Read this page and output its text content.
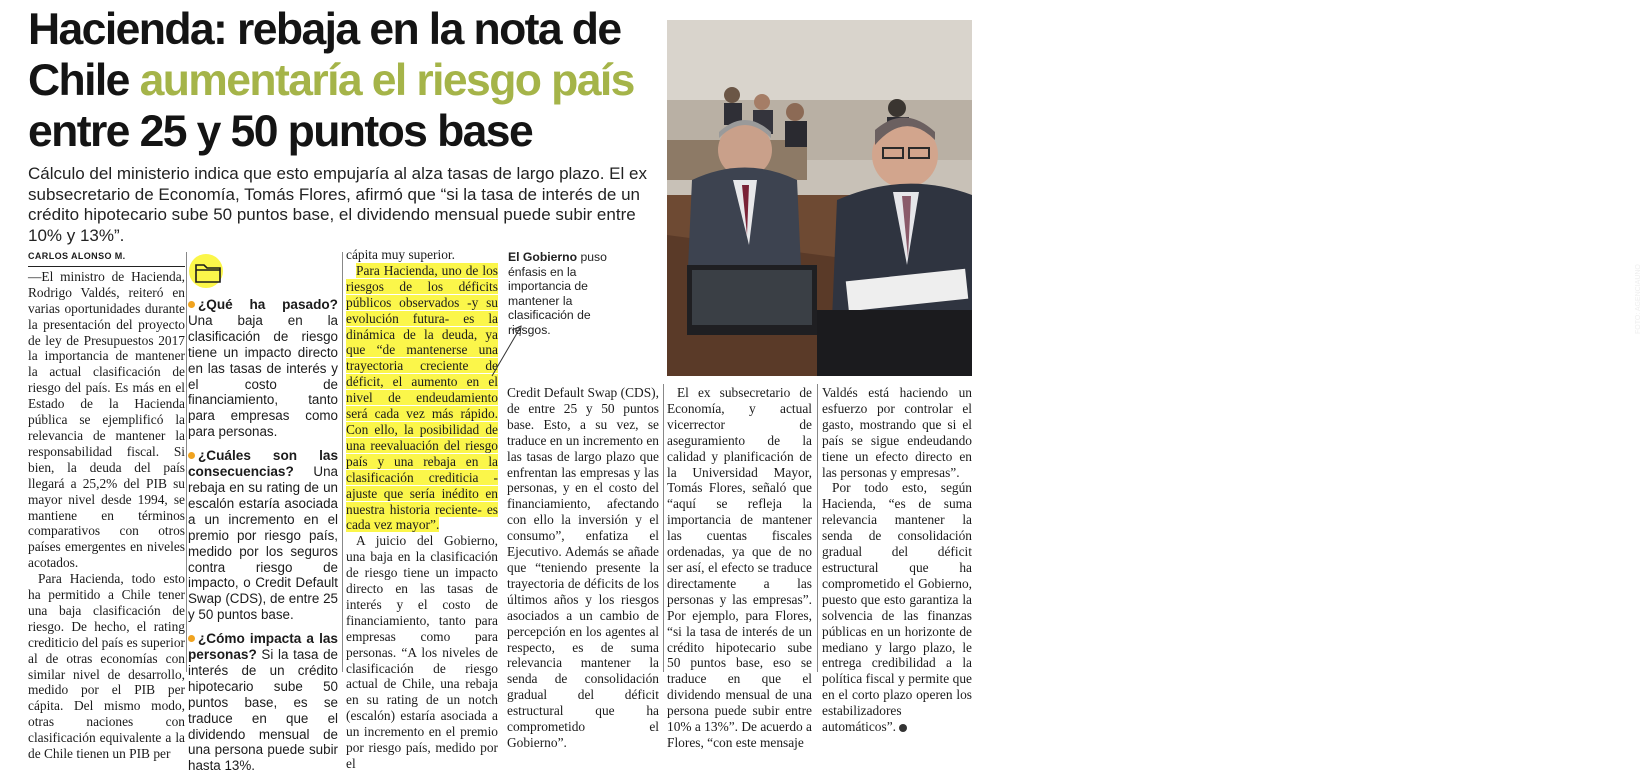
Hacienda: rebaja en la nota de Chile aumentaría el riesgo país entre 25 y 50 puntos base
Cálculo del ministerio indica que esto empujaría al alza tasas de largo plazo. El ex subsecretario de Economía, Tomás Flores, afirmó que “si la tasa de interés de un crédito hipotecario sube 50 puntos base, el dividendo mensual puede subir entre 10% y 13%”.
FOTO: AGENCIAUNO
CARLOS ALONSO M.

—El ministro de Hacienda, Rodrigo Valdés, reiteró en varias oportunidades durante la presentación del proyecto de ley de Presupuestos 2017 la importancia de mantener la actual clasificación de riesgo del país. Es más en el Estado de la Hacienda pública se ejemplificó la relevancia de mantener la responsabilidad fiscal. Si bien, la deuda del país llegará a 25,2% del PIB su mayor nivel desde 1994, se mantiene en términos comparativos con otros países emergentes en niveles acotados.

Para Hacienda, todo esto ha permitido a Chile tener una baja clasificación de riesgo. De hecho, el rating crediticio del país es superior al de otras economías con similar nivel de desarrollo, medido por el PIB per cápita. Del mismo modo, otras naciones con clasificación equivalente a la de Chile tienen un PIB per

¿Qué ha pasado? Una baja en la clasificación de riesgo tiene un impacto directo en las tasas de interés y el costo de financiamiento, tanto para empresas como para personas.
¿Cuáles son las consecuencias? Una rebaja en su rating de un escalón estaría asociada a un incremento en el premio por riesgo país, medido por los seguros contra riesgo de impacto, o Credit Default Swap (CDS), de entre 25 y 50 puntos base.
¿Cómo impacta a las personas? Si la tasa de interés de un crédito hipotecario sube 50 puntos base, es se traduce en que el dividendo mensual de una persona puede subir hasta 13%.

cápita muy superior.

Para Hacienda, uno de los riesgos de los déficits públicos observados -y su evolución futura- es la dinámica de la deuda, ya que “de mantenerse una trayectoria creciente de déficit, el aumento en el nivel de endeudamiento será cada vez más rápido. Con ello, la posibilidad de una reevaluación del riesgo país y una rebaja en la clasificación crediticia -ajuste que sería inédito en nuestra historia reciente- es cada vez mayor”.

A juicio del Gobierno, una baja en la clasificación de riesgo tiene un impacto directo en las tasas de interés y el costo de financiamiento, tanto para empresas como para personas. “A los niveles de clasificación de riesgo actual de Chile, una rebaja en su rating de un notch (escalón) estaría asociada a un incremento en el premio por riesgo país, medido por el

El Gobierno puso énfasis en la importancia de mantener la clasificación de riesgos.

Credit Default Swap (CDS), de entre 25 y 50 puntos base. Esto, a su vez, se traduce en un incremento en las tasas de largo plazo que enfrentan las empresas y las personas, y en el costo del financiamiento, afectando con ello la inversión y el consumo”, enfatiza el Ejecutivo. Además se añade que “teniendo presente la trayectoria de déficits de los últimos años y los riesgos asociados a un cambio de percepción en los agentes al respecto, es de suma relevancia mantener la senda de consolidación gradual del déficit estructural que ha comprometido el Gobierno”.

El ex subsecretario de Economía, y actual vicerrector de aseguramiento de la calidad y planificación de la Universidad Mayor, Tomás Flores, señaló que “aquí se refleja la importancia de mantener las cuentas fiscales ordenadas, ya que de no ser así, el efecto se traduce directamente a las personas y las empresas”. Por ejemplo, para Flores, “si la tasa de interés de un crédito hipotecario sube 50 puntos base, eso se traduce en que el dividendo mensual de una persona puede subir entre 10% a 13%”. De acuerdo a Flores, “con este mensaje

Valdés está haciendo un esfuerzo por controlar el gasto, mostrando que si el país se sigue endeudando tiene un efecto directo en las personas y empresas”.

Por todo esto, según Hacienda, “es de suma relevancia mantener la senda de consolidación gradual del déficit estructural que ha comprometido el Gobierno, puesto que esto garantiza la solvencia de las finanzas públicas en un horizonte de mediano y largo plazo, le entrega credibilidad a la política fiscal y permite que en el corto plazo operen los estabilizadores automáticos”.
